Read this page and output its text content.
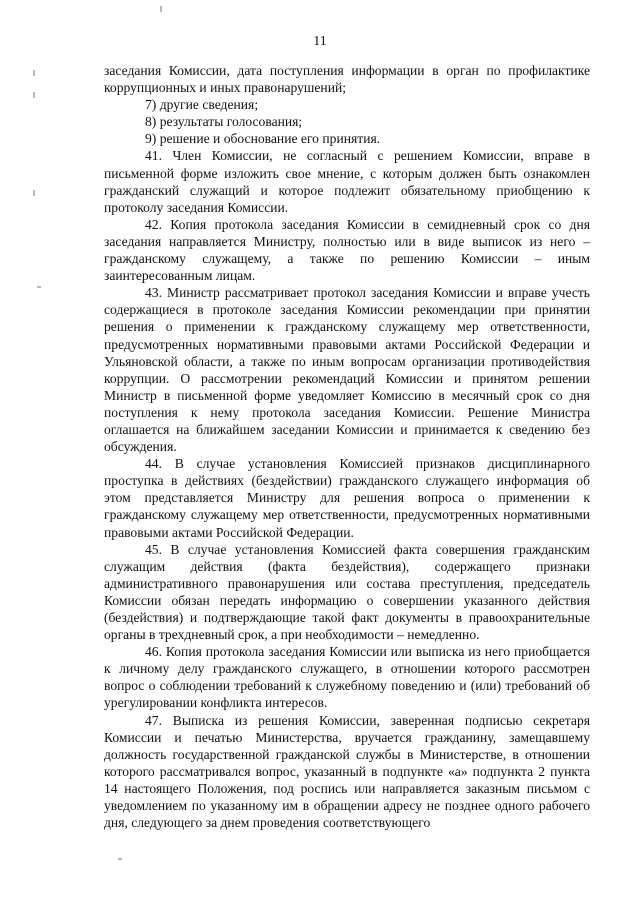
11

заседания Комиссии, дата поступления информации в орган по профилактике коррупционных и иных правонарушений;

7) другие сведения;

8) результаты голосования;

9) решение и обоснование его принятия.

41. Член Комиссии, не согласный с решением Комиссии, вправе в письменной форме изложить свое мнение, с которым должен быть ознакомлен гражданский служащий и которое подлежит обязательному приобщению к протоколу заседания Комиссии.

42. Копия протокола заседания Комиссии в семидневный срок со дня заседания направляется Министру, полностью или в виде выписок из него – гражданскому служащему, а также по решению Комиссии – иным заинтересованным лицам.

43. Министр рассматривает протокол заседания Комиссии и вправе учесть содержащиеся в протоколе заседания Комиссии рекомендации при принятии решения о применении к гражданскому служащему мер ответственности, предусмотренных нормативными правовыми актами Российской Федерации и Ульяновской области, а также по иным вопросам организации противодействия коррупции. О рассмотрении рекомендаций Комиссии и принятом решении Министр в письменной форме уведомляет Комиссию в месячный срок со дня поступления к нему протокола заседания Комиссии. Решение Министра оглашается на ближайшем заседании Комиссии и принимается к сведению без обсуждения.

44. В случае установления Комиссией признаков дисциплинарного проступка в действиях (бездействии) гражданского служащего информация об этом представляется Министру для решения вопроса о применении к гражданскому служащему мер ответственности, предусмотренных нормативными правовыми актами Российской Федерации.

45. В случае установления Комиссией факта совершения гражданским служащим действия (факта бездействия), содержащего признаки административного правонарушения или состава преступления, председатель Комиссии обязан передать информацию о совершении указанного действия (бездействия) и подтверждающие такой факт документы в правоохранительные органы в трехдневный срок, а при необходимости – немедленно.

46. Копия протокола заседания Комиссии или выписка из него приобщается к личному делу гражданского служащего, в отношении которого рассмотрен вопрос о соблюдении требований к служебному поведению и (или) требований об урегулировании конфликта интересов.

47. Выписка из решения Комиссии, заверенная подписью секретаря Комиссии и печатью Министерства, вручается гражданину, замещавшему должность государственной гражданской службы в Министерстве, в отношении которого рассматривался вопрос, указанный в подпункте «а» подпункта 2 пункта 14 настоящего Положения, под роспись или направляется заказным письмом с уведомлением по указанному им в обращении адресу не позднее одного рабочего дня, следующего за днем проведения соответствующего
